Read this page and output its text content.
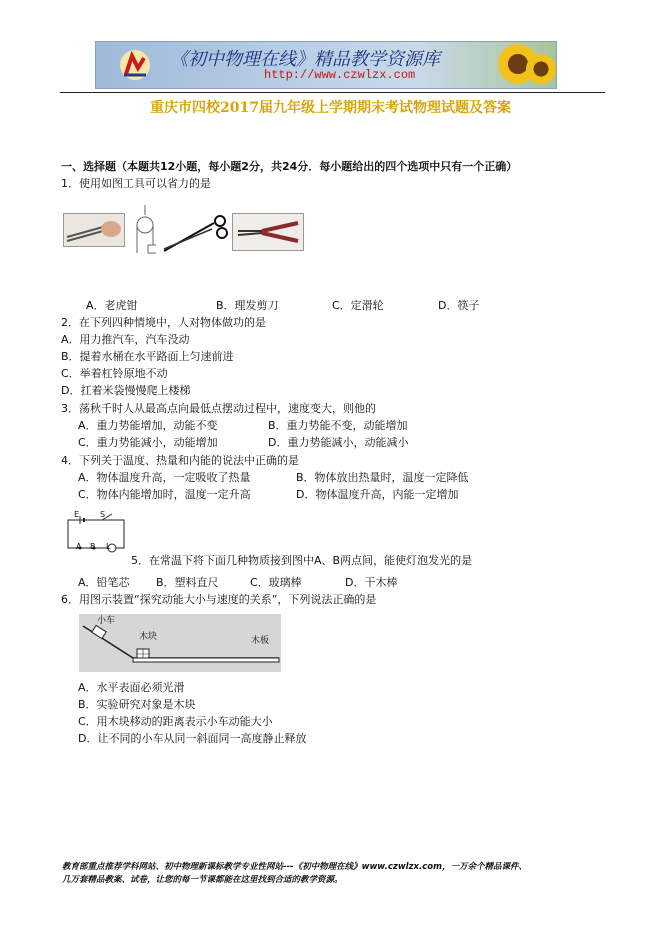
《初中物理在线》精品教学资源库
http://www.czwlzx.com
重庆市四校2017届九年级上学期期末考试物理试题及答案
一、选择题（本题共12小题，每小题2分，共24分．每小题给出的四个选项中只有一个正确）
1．使用如图工具可以省力的是
A．老虎钳	B．理发剪刀	C．定滑轮	D．筷子
2．在下列四种情境中，人对物体做功的是
A．用力推汽车，汽车没动
B．提着水桶在水平路面上匀速前进
C．举着杠铃原地不动
D．扛着米袋慢慢爬上楼梯
3．荡秋千时人从最高点向最低点摆动过程中，速度变大，则他的
A．重力势能增加，动能不变	B．重力势能不变，动能增加
C．重力势能减小，动能增加	D．重力势能减小，动能减小
4．下列关于温度、热量和内能的说法中正确的是
A．物体温度升高，一定吸收了热量	B．物体放出热量时，温度一定降低
C．物体内能增加时，温度一定升高	D．物体温度升高，内能一定增加
E	S
A B L
5．在常温下将下面几种物质接到图中A、B两点间，能使灯泡发光的是
A．铅笔芯 B．塑料直尺	C．玻璃棒	D．干木棒
6．用图示装置“探究动能大小与速度的关系”，下列说法正确的是
小车
木块	木板
A．水平表面必须光滑
B．实验研究对象是木块
C．用木块移动的距离表示小车动能大小
D．让不同的小车从同一斜面同一高度静止释放
教育部重点推荐学科网站、初中物理新课标教学专业性网站---《初中物理在线》www.czwlzx.com，一万余个精品课件、
几万套精品教案、试卷，让您的每一节课都能在这里找到合适的教学资源。
